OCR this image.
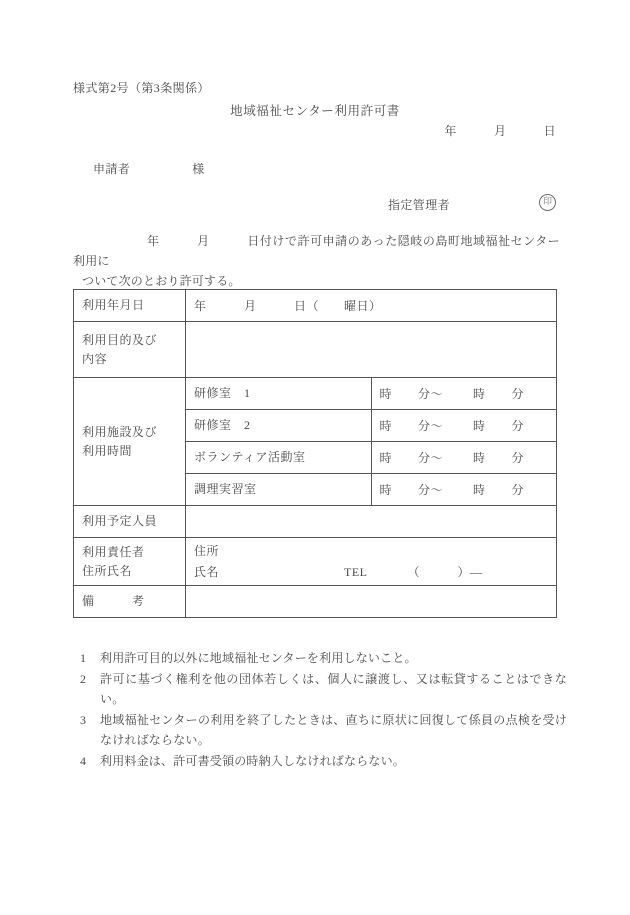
様式第2号（第3条関係）
地域福祉センター利用許可書
年　　　月　　　日
申請者　　　　　様
指定管理者	印
年　　　月　　　日付けで許可申請のあった隠岐の島町地域福祉センター利用に
ついて次のとおり許可する。
利用年月日	年　　　月　　　日（　　曜日）	
利用目的及び
内容		

利用施設及び
利用時間	研修室　1	時 分～ 時 分
	研修室　2	時 分～ 時 分
	ボランティア活動室	時 分～ 時 分
	調理実習室	時 分～ 時 分
利用予定人員		
利用責任者
住所氏名	住所
氏名 TEL （　　　）―	
備　　　考		
1 利用許可目的以外に地域福祉センターを利用しないこと。
2 許可に基づく権利を他の団体若しくは、個人に譲渡し、又は転貸することはできない。
3 地域福祉センターの利用を終了したときは、直ちに原状に回復して係員の点検を受けなければならない。
4 利用料金は、許可書受領の時納入しなければならない。
